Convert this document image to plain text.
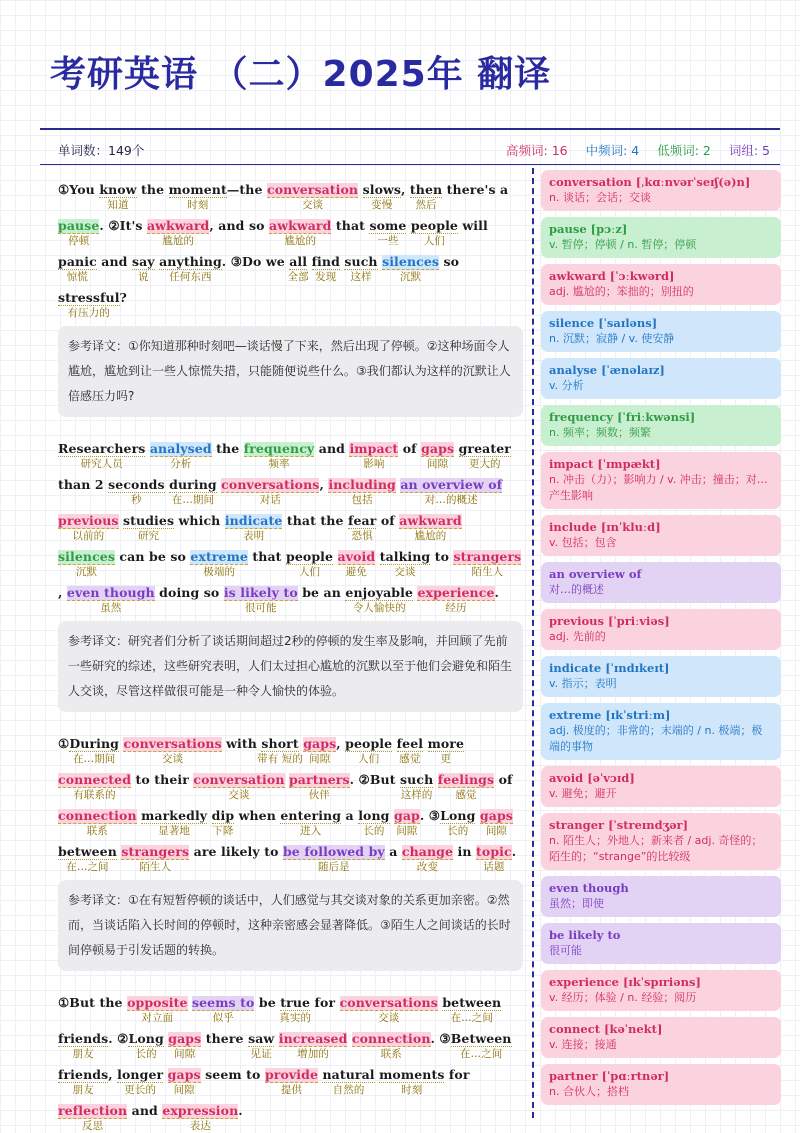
考研英语 （二）2025年 翻译
单词数：149个	高频词: 16 中频词: 4 低频词: 2 词组: 5
①You know
知道
the moment
时刻
—the conversation
交谈
slows
变慢
, then
然后
there's a pause
停顿
. ②It's awkward
尴尬的
, and so awkward
尴尬的
that some
一些
people
人们
will panic
惊慌
and say
说
anything
任何东西
. ③Do we all
全部
find
发现
such
这样
silences
沉默
so stressful
有压力的
?
参考译文：①你知道那种时刻吧—谈话慢了下来，然后出现了停顿。②这种场面令人尴尬，尴尬到让一些人惊慌失措，只能随便说些什么。③我们都认为这样的沉默让人倍感压力吗?
Researchers
研究人员
analysed
分析
the frequency
频率
and impact
影响
of gaps
间隙
greater
更大的
than 2 seconds
秒
during
在…期间
conversations
对话
, including
包括
an overview of
对…的概述
previous
以前的
studies
研究
which indicate
表明
that the fear
恐惧
of awkward
尴尬的
silences
沉默
can be so extreme
极端的
that people
人们
avoid
避免
talking
交谈
to strangers
陌生人
, even though
虽然
doing so is likely to
很可能
be an enjoyable
令人愉快的
experience
经历
.
参考译文：研究者们分析了谈话期间超过2秒的停顿的发生率及影响，并回顾了先前一些研究的综述，这些研究表明，人们太过担心尴尬的沉默以至于他们会避免和陌生人交谈，尽管这样做很可能是一种令人愉快的体验。
①During
在…期间
conversations
交谈
with short
带有 短的
gaps
间隙
, people
人们
feel
感觉
more
更
connected
有联系的
to their conversation
交谈
partners
伙伴
. ②But such
这样的
feelings
感觉
of connection
联系
markedly
显著地
dip
下降
when entering
进入
a long
长的
gap
间隙
. ③Long
长的
gaps
间隙
between
在…之间
strangers
陌生人
are likely to be followed by
随后是
a change
改变
in topic
话题
.
参考译文：①在有短暂停顿的谈话中，人们感觉与其交谈对象的关系更加亲密。②然而，当谈话陷入长时间的停顿时，这种亲密感会显著降低。③陌生人之间谈话的长时间停顿易于引发话题的转换。
①But the opposite
对立面
seems to
似乎
be true
真实的
for conversations
交谈
between
在…之间
friends
朋友
. ②Long
长的
gaps
间隙
there saw
见证
increased
增加的
connection
联系
. ③Between
在…之间
friends
朋友
, longer
更长的
gaps
间隙
seem to provide
提供
natural
自然的
moments
时刻
for reflection
反思
and expression
表达
.
conversation [ˌkɑːnvərˈseɪʃ(ə)n]
n. 谈话；会话；交谈
pause [pɔːz]
v. 暂停；停顿 / n. 暂停；停顿
awkward [ˈɔːkwərd]
adj. 尴尬的；笨拙的；别扭的
silence [ˈsaɪləns]
n. 沉默；寂静 / v. 使安静
analyse [ˈænəlaɪz]
v. 分析
frequency [ˈfriːkwənsi]
n. 频率；频数；频繁
impact [ˈɪmpækt]
n. 冲击（力）；影响力 / v. 冲击；撞击；对…产生影响
include [ɪnˈkluːd]
v. 包括；包含
an overview of
对…的概述
previous [ˈpriːviəs]
adj. 先前的
indicate [ˈɪndɪkeɪt]
v. 指示；表明
extreme [ɪkˈstriːm]
adj. 极度的；非常的；末端的 / n. 极端；极端的事物
avoid [əˈvɔɪd]
v. 避免；避开
stranger [ˈstreɪndʒər]
n. 陌生人；外地人；新来者 / adj. 奇怪的；陌生的；“strange”的比较级
even though
虽然；即使
be likely to
很可能
experience [ɪkˈspɪriəns]
v. 经历；体验 / n. 经验；阅历
connect [kəˈnekt]
v. 连接；接通
partner [ˈpɑːrtnər]
n. 合伙人；搭档
